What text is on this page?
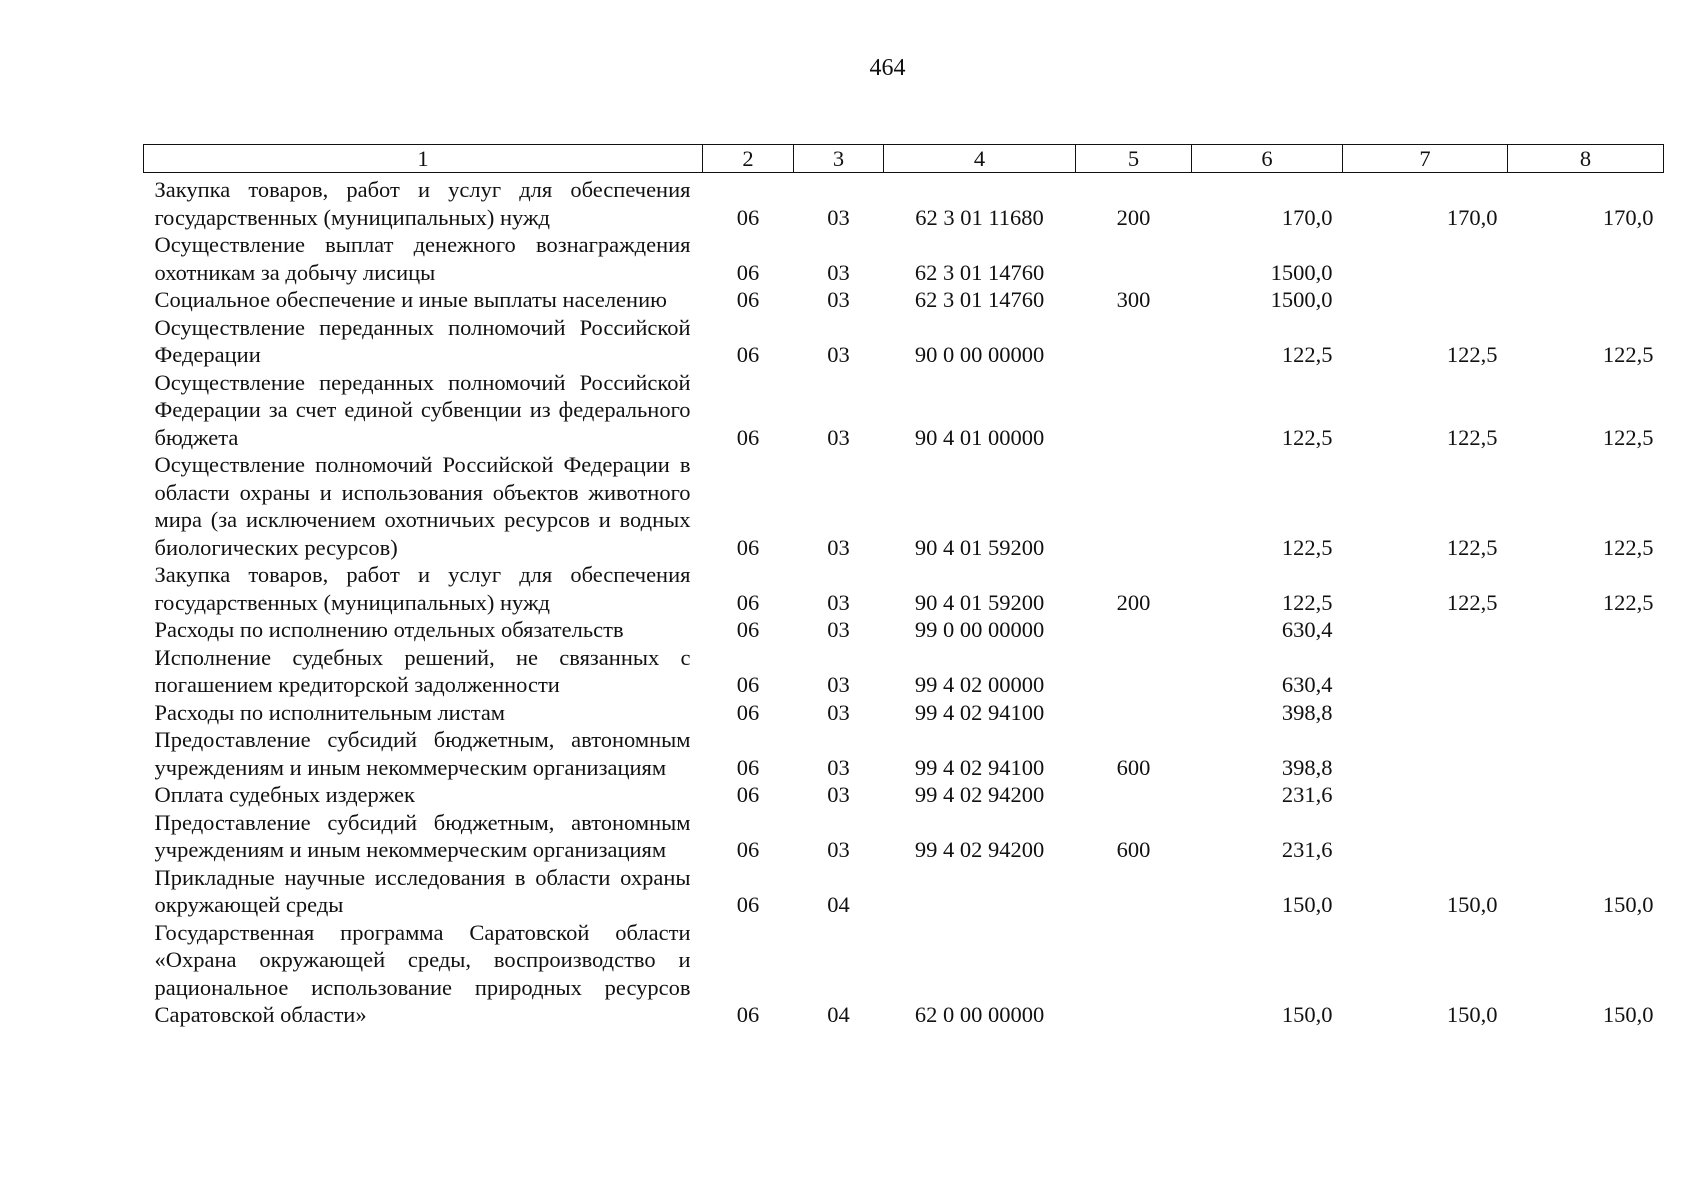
464
1	2	3	4	5	6	7	8
Закупка товаров, работ и услуг для обеспечения государственных (муниципальных) нужд	06	03	62 3 01 11680	200	170,0	170,0	170,0
Осуществление выплат денежного вознаграждения охотникам за добычу лисицы	06	03	62 3 01 14760		1500,0		
Социальное обеспечение и иные выплаты населению	06	03	62 3 01 14760	300	1500,0		
Осуществление переданных полномочий Российской Федерации	06	03	90 0 00 00000		122,5	122,5	122,5
Осуществление переданных полномочий Российской Федерации за счет единой субвенции из федерального бюджета	06	03	90 4 01 00000		122,5	122,5	122,5
Осуществление полномочий Российской Федерации в области охраны и использования объектов животного мира (за исключением охотничьих ресурсов и водных биологических ресурсов)	06	03	90 4 01 59200		122,5	122,5	122,5
Закупка товаров, работ и услуг для обеспечения государственных (муниципальных) нужд	06	03	90 4 01 59200	200	122,5	122,5	122,5
Расходы по исполнению отдельных обязательств	06	03	99 0 00 00000		630,4		
Исполнение судебных решений, не связанных с погашением кредиторской задолженности	06	03	99 4 02 00000		630,4		
Расходы по исполнительным листам	06	03	99 4 02 94100		398,8		
Предоставление субсидий бюджетным, автономным учреждениям и иным некоммерческим организациям	06	03	99 4 02 94100	600	398,8		
Оплата судебных издержек	06	03	99 4 02 94200		231,6		
Предоставление субсидий бюджетным, автономным учреждениям и иным некоммерческим организациям	06	03	99 4 02 94200	600	231,6		
Прикладные научные исследования в области охраны окружающей среды	06	04			150,0	150,0	150,0
Государственная программа Саратовской области «Охрана окружающей среды, воспроизводство и рациональное использование природных ресурсов Саратовской области»	06	04	62 0 00 00000		150,0	150,0	150,0
